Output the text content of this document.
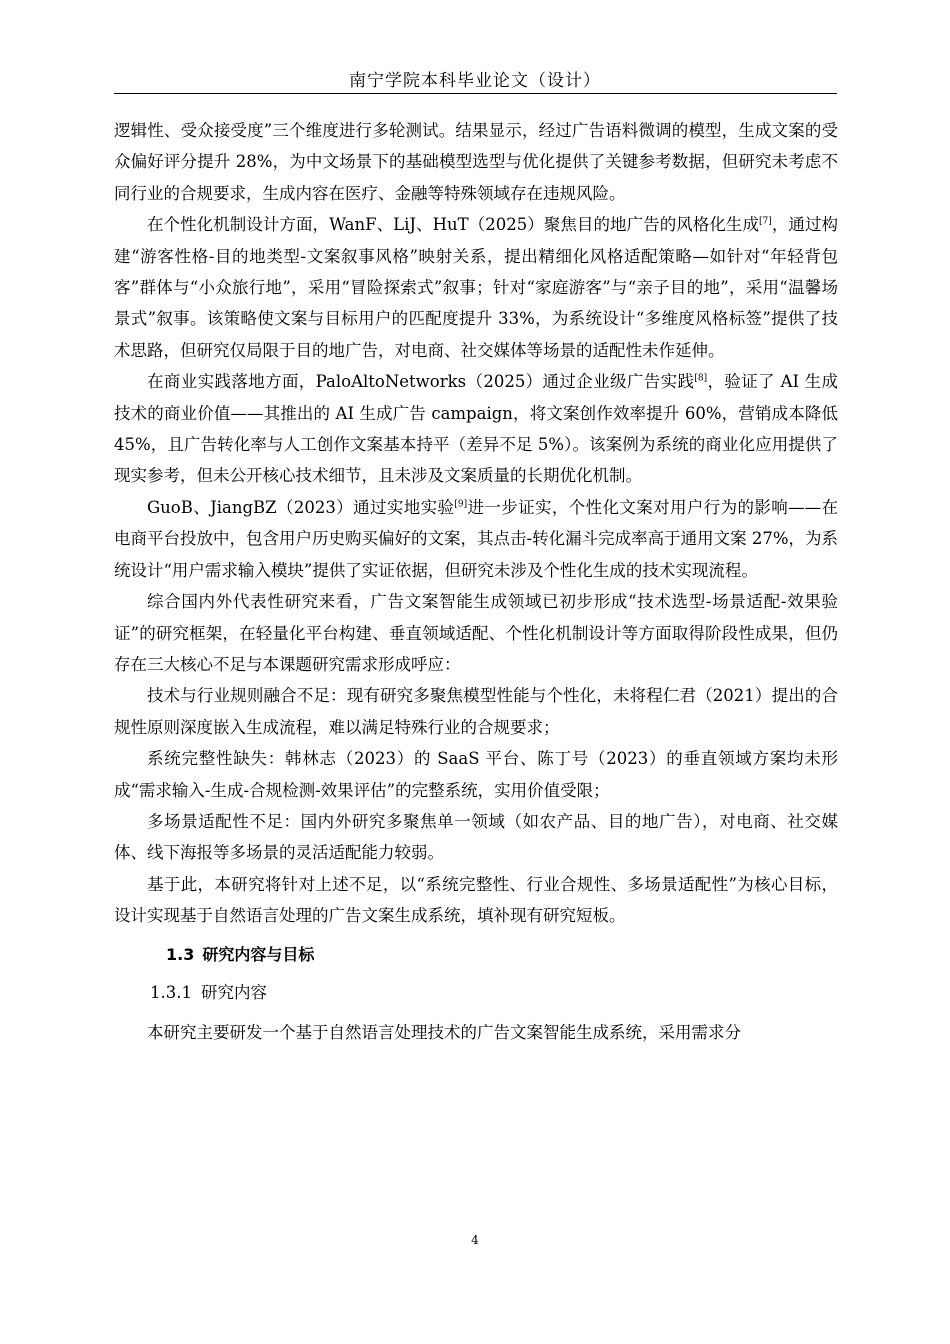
南宁学院本科毕业论文（设计）

逻辑性、受众接受度”三个维度进行多轮测试。结果显示，经过广告语料微调的模型，生成文案的受众偏好评分提升 28%，为中文场景下的基础模型选型与优化提供了关键参考数据，但研究未考虑不同行业的合规要求，生成内容在医疗、金融等特殊领域存在违规风险。

在个性化机制设计方面，WanF、LiJ、HuT（2025）聚焦目的地广告的风格化生成[7]，通过构建“游客性格-目的地类型-文案叙事风格”映射关系，提出精细化风格适配策略—如针对“年轻背包客”群体与“小众旅行地”，采用“冒险探索式”叙事；针对“家庭游客”与“亲子目的地”，采用“温馨场景式”叙事。该策略使文案与目标用户的匹配度提升 33%，为系统设计“多维度风格标签”提供了技术思路，但研究仅局限于目的地广告，对电商、社交媒体等场景的适配性未作延伸。

在商业实践落地方面，PaloAltoNetworks（2025）通过企业级广告实践[8]，验证了 AI 生成技术的商业价值——其推出的 AI 生成广告 campaign，将文案创作效率提升 60%，营销成本降低 45%，且广告转化率与人工创作文案基本持平（差异不足 5%）。该案例为系统的商业化应用提供了现实参考，但未公开核心技术细节，且未涉及文案质量的长期优化机制。

GuoB、JiangBZ（2023）通过实地实验[9]进一步证实，个性化文案对用户行为的影响——在电商平台投放中，包含用户历史购买偏好的文案，其点击-转化漏斗完成率高于通用文案 27%，为系统设计“用户需求输入模块”提供了实证依据，但研究未涉及个性化生成的技术实现流程。

综合国内外代表性研究来看，广告文案智能生成领域已初步形成“技术选型-场景适配-效果验证”的研究框架，在轻量化平台构建、垂直领域适配、个性化机制设计等方面取得阶段性成果，但仍存在三大核心不足与本课题研究需求形成呼应：

技术与行业规则融合不足：现有研究多聚焦模型性能与个性化，未将程仁君（2021）提出的合规性原则深度嵌入生成流程，难以满足特殊行业的合规要求；

系统完整性缺失：韩林志（2023）的 SaaS 平台、陈丁号（2023）的垂直领域方案均未形成“需求输入-生成-合规检测-效果评估”的完整系统，实用价值受限；

多场景适配性不足：国内外研究多聚焦单一领域（如农产品、目的地广告），对电商、社交媒体、线下海报等多场景的灵活适配能力较弱。

基于此，本研究将针对上述不足，以“系统完整性、行业合规性、多场景适配性”为核心目标，设计实现基于自然语言处理的广告文案生成系统，填补现有研究短板。

1.3 研究内容与目标
1.3.1 研究内容

本研究主要研发一个基于自然语言处理技术的广告文案智能生成系统，采用需求分

4
